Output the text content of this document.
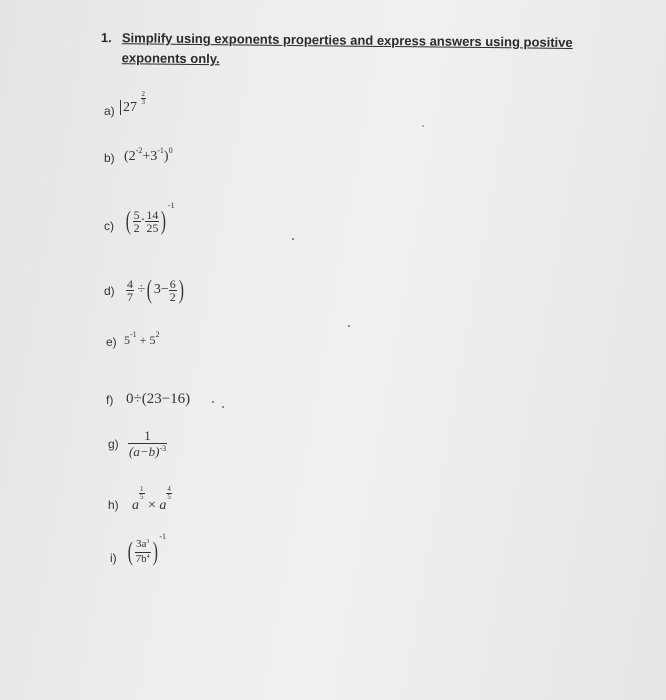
1. Simplify using exponents properties and express answers using positive exponents only.
a) 27
$\frac{2}{3}$
b) $(2^{-2}+3^{-1})^0$
c) ( $\frac{5}{2} \cdot \frac{14}{25} )^{-1}$
$d) \frac{4}{7}$ ÷( $3- \frac{6}{2}$ )
e) $5^{-1} + 5^2$
f) 0÷(23−16)
$g) \frac{1}{(a-b)^{-3}}$
h) a
$\frac{1}{5}$
× a
$\frac{4}{5}$
i) ( $\frac{3a^3}{7b^4} )^{-1}$
